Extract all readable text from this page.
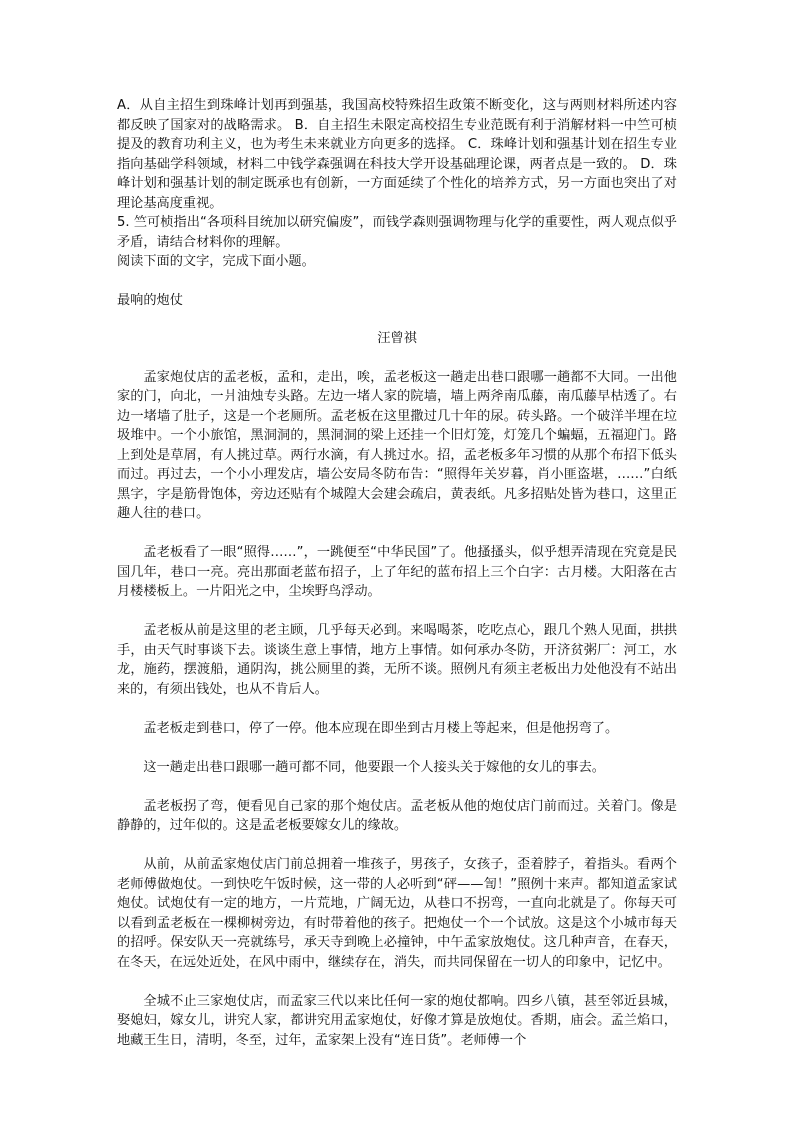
A．从自主招生到珠峰计划再到强基，我国高校特殊招生政策不断变化，这与两则材料所述内容都反映了国家对的战略需求。 B．自主招生未限定高校招生专业范既有利于消解材料一中竺可桢提及的教育功利主义，也为考生未来就业方向更多的选择。 C．珠峰计划和强基计划在招生专业指向基础学科领域，材料二中钱学森强调在科技大学开设基础理论课，两者点是一致的。 D．珠峰计划和强基计划的制定既承也有创新，一方面延续了个性化的培养方式，另一方面也突出了对理论基高度重视。

5. 竺可桢指出“各项科目统加以研究偏废”，而钱学森则强调物理与化学的重要性，两人观点似乎矛盾，请结合材料你的理解。

阅读下面的文字，完成下面小题。

最响的炮仗

汪曾祺

孟家炮仗店的孟老板，孟和，走出，唉，孟老板这一趟走出巷口跟哪一趟都不大同。一出他家的门，向北，一爿油烛专头路。左边一堵人家的院墙，墙上两斧南瓜藤，南瓜藤早枯透了。右边一堵墙了肚子，这是一个老厕所。孟老板在这里撒过几十年的尿。砖头路。一个破洋半埋在垃圾堆中。一个小旅馆，黑洞洞的，黑洞洞的梁上还挂一个旧灯笼，灯笼几个蝙蝠，五福迎门。路上到处是草屑，有人挑过草。两行水滴，有人挑过水。招，孟老板多年习惯的从那个布招下低头而过。再过去，一个小小理发店，墙公安局冬防布告：“照得年关岁暮，肖小匪盗堪，……”白纸黑字，字是筋骨饱体，旁边还贴有个城隍大会建会疏启，黄表纸。凡多招贴处皆为巷口，这里正趣人往的巷口。

孟老板看了一眼“照得……”，一跳便至“中华民国”了。他搔搔头，似乎想弄清现在究竟是民国几年，巷口一亮。亮出那面老蓝布招子，上了年纪的蓝布招上三个白字：古月楼。大阳落在古月楼楼板上。一片阳光之中，尘埃野鸟浮动。

孟老板从前是这里的老主顾，几乎每天必到。来喝喝茶，吃吃点心，跟几个熟人见面，拱拱手，由天气时事谈下去。谈谈生意上事情，地方上事情。如何承办冬防，开济贫粥厂：河工，水龙，施药，摆渡船，通阴沟，挑公厕里的粪，无所不谈。照例凡有须主老板出力处他没有不站出来的，有须出钱处，也从不肯后人。

孟老板走到巷口，停了一停。他本应现在即坐到古月楼上等起来，但是他拐弯了。

这一趟走出巷口跟哪一趟可都不同，他要跟一个人接头关于嫁他的女儿的事去。

孟老板拐了弯，便看见自己家的那个炮仗店。孟老板从他的炮仗店门前而过。关着门。像是静静的，过年似的。这是孟老板要嫁女儿的缘故。

从前，从前孟家炮仗店门前总拥着一堆孩子，男孩子，女孩子，歪着脖子，着指头。看两个老师傅做炮仗。一到快吃午饭时候，这一带的人必听到“砰——訇！”照例十来声。都知道孟家试炮仗。试炮仗有一定的地方，一片荒地，广阔无边，从巷口不拐弯，一直向北就是了。你每天可以看到孟老板在一棵柳树旁边，有时带着他的孩子。把炮仗一个一个试放。这是这个小城市每天的招呼。保安队天一亮就练号，承天寺到晚上必撞钟，中午孟家放炮仗。这几种声音，在春天，在冬天，在远处近处，在风中雨中，继续存在，消失，而共同保留在一切人的印象中，记忆中。

全城不止三家炮仗店，而孟家三代以来比任何一家的炮仗都响。四乡八镇，甚至邻近县城，娶媳妇，嫁女儿，讲究人家，都讲究用孟家炮仗，好像才算是放炮仗。香期，庙会。孟兰焰口，地藏王生日，清明，冬至，过年，孟家架上没有“连日货”。老师傅一个
